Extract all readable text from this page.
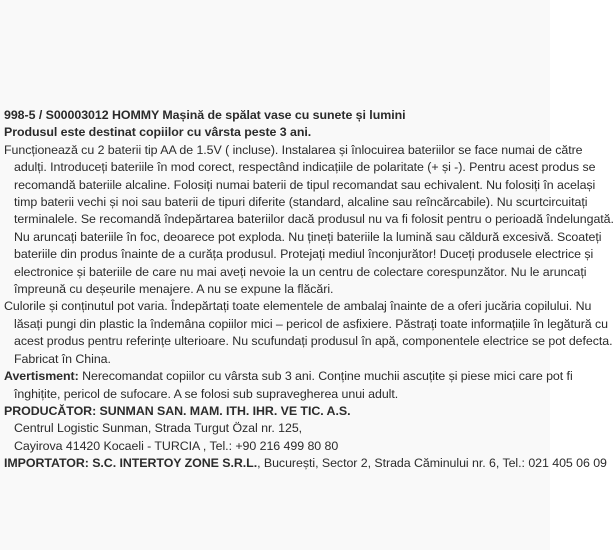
998-5 / S00003012 HOMMY Mașină de spălat vase cu sunete și lumini
Produsul este destinat copiilor cu vârsta peste 3 ani.
Funcționează cu 2 baterii tip AA de 1.5V ( incluse). Instalarea și înlocuirea bateriilor se face numai de către
adulți. Introduceți bateriile în mod corect, respectând indicațiile de polaritate (+ și -). Pentru acest produs se
recomandă bateriile alcaline. Folosiți numai baterii de tipul recomandat sau echivalent. Nu folosiți în același
timp baterii vechi și noi sau baterii de tipuri diferite (standard, alcaline sau reîncărcabile). Nu scurtcircuitați
terminalele. Se recomandă îndepărtarea bateriilor dacă produsul nu va fi folosit pentru o perioadă îndelungată.
Nu aruncați bateriile în foc, deoarece pot exploda. Nu țineți bateriile la lumină sau căldură excesivă. Scoateți
bateriile din produs înainte de a curăța produsul. Protejați mediul înconjurător! Duceți produsele electrice și
electronice și bateriile de care nu mai aveți nevoie la un centru de colectare corespunzător. Nu le aruncați
împreună cu deșeurile menajere. A nu se expune la flăcări.
Culorile și conținutul pot varia. Îndepărtați toate elementele de ambalaj înainte de a oferi jucăria copilului. Nu
lăsați pungi din plastic la îndemâna copiilor mici – pericol de asfixiere. Păstrați toate informațiile în legătură cu
acest produs pentru referințe ulterioare. Nu scufundați produsul în apă, componentele electrice se pot defecta.
Fabricat în China.
Avertisment: Nerecomandat copiilor cu vârsta sub 3 ani. Conține muchii ascuțite și piese mici care pot fi
înghițite, pericol de sufocare. A se folosi sub supravegherea unui adult.
PRODUCĂTOR: SUNMAN SAN. MAM. ITH. IHR. VE TIC. A.S.
Centrul Logistic Sunman, Strada Turgut Özal nr. 125,
Cayirova 41420 Kocaeli - TURCIA , Tel.: +90 216 499 80 80
IMPORTATOR: S.C. INTERTOY ZONE S.R.L., București, Sector 2, Strada Căminului nr. 6, Tel.: 021 405 06 09
